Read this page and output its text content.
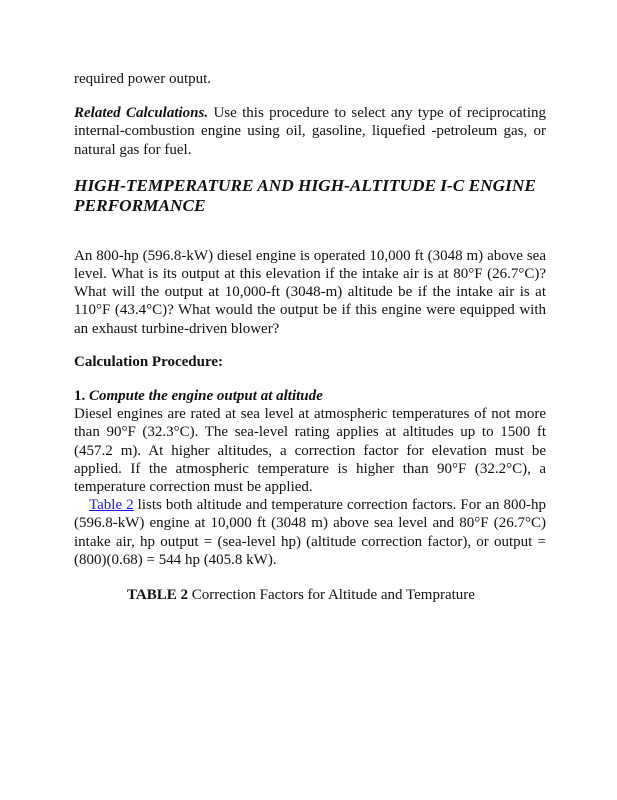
required power output.

Related Calculations. Use this procedure to select any type of reciprocating internal-combustion engine using oil, gasoline, liquefied -petroleum gas, or natural gas for fuel.

HIGH-TEMPERATURE AND HIGH-ALTITUDE I-C ENGINE PERFORMANCE

An 800-hp (596.8-kW) diesel engine is operated 10,000 ft (3048 m) above sea level. What is its output at this elevation if the intake air is at 80°F (26.7°C)? What will the output at 10,000-ft (3048-m) altitude be if the intake air is at 110°F (43.4°C)? What would the output be if this engine were equipped with an exhaust turbine-driven blower?

Calculation Procedure:

1. Compute the engine output at altitude

Diesel engines are rated at sea level at atmospheric temperatures of not more than 90°F (32.3°C). The sea-level rating applies at altitudes up to 1500 ft (457.2 m). At higher altitudes, a correction factor for elevation must be applied. If the atmospheric temperature is higher than 90°F (32.2°C), a temperature correction must be applied.

Table 2 lists both altitude and temperature correction factors. For an 800-hp (596.8-kW) engine at 10,000 ft (3048 m) above sea level and 80°F (26.7°C) intake air, hp output = (sea-level hp) (altitude correction factor), or output = (800)(0.68) = 544 hp (405.8 kW).

TABLE 2 Correction Factors for Altitude and Temprature
